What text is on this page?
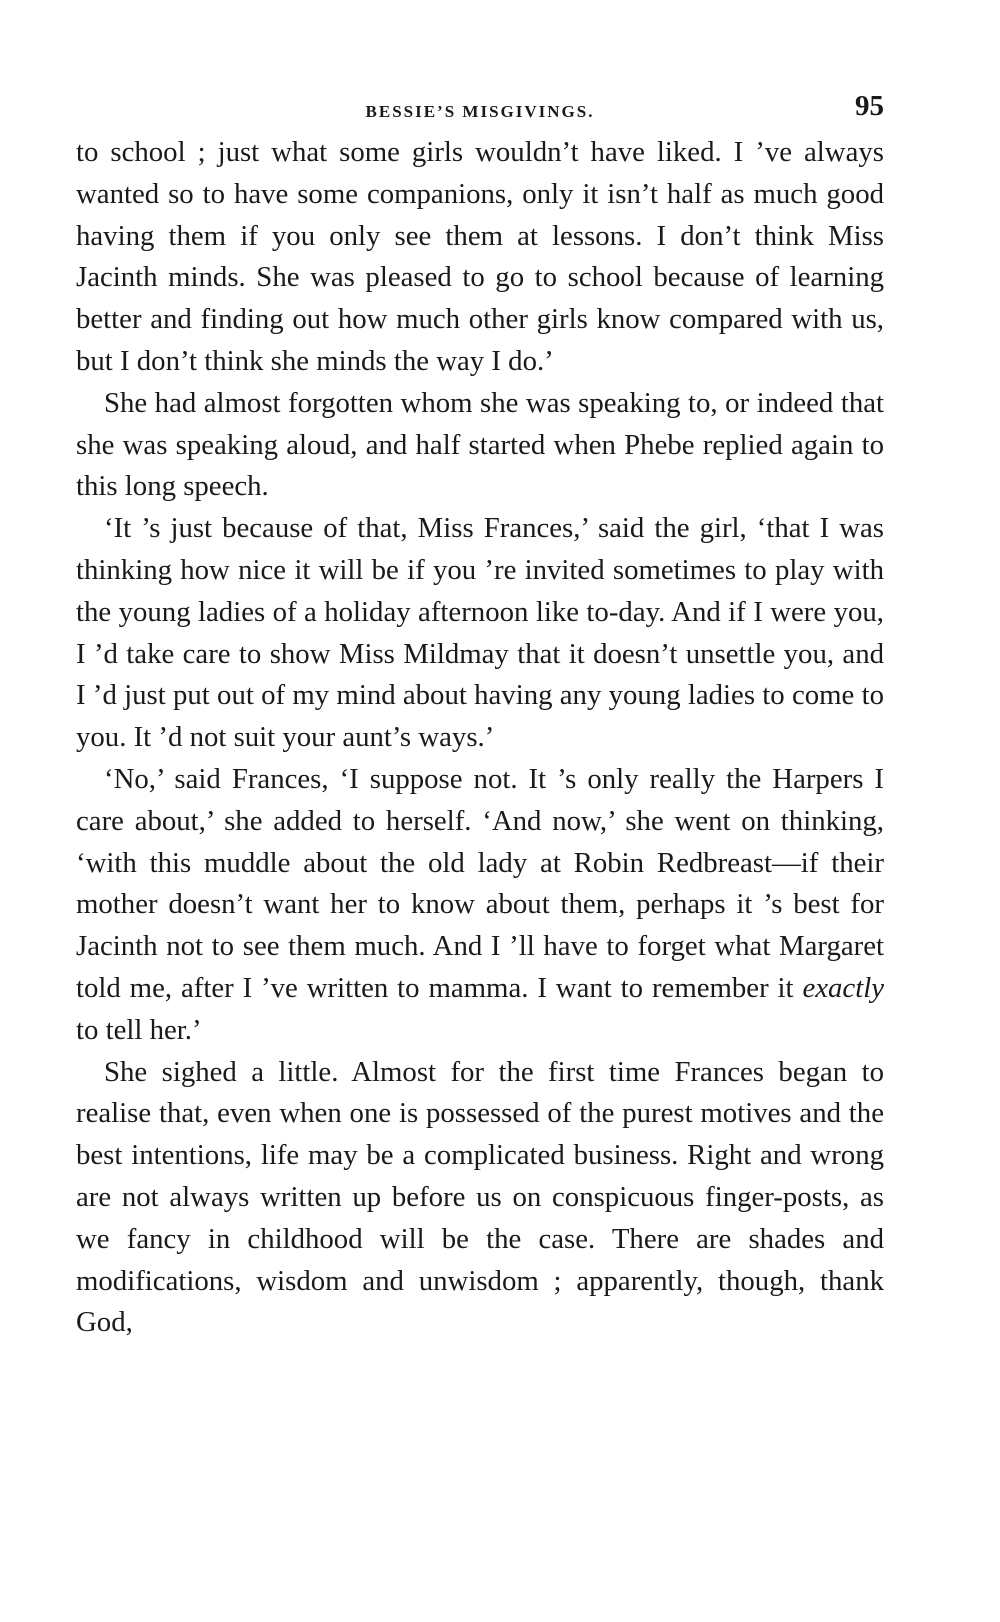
BESSIE’S MISGIVINGS.	95

to school ; just what some girls wouldn’t have liked. I ’ve always wanted so to have some companions, only it isn’t half as much good having them if you only see them at lessons. I don’t think Miss Jacinth minds. She was pleased to go to school because of learning better and finding out how much other girls know compared with us, but I don’t think she minds the way I do.’

She had almost forgotten whom she was speaking to, or indeed that she was speaking aloud, and half started when Phebe replied again to this long speech.

‘It ’s just because of that, Miss Frances,’ said the girl, ‘that I was thinking how nice it will be if you ’re invited sometimes to play with the young ladies of a holiday afternoon like to-day. And if I were you, I ’d take care to show Miss Mildmay that it doesn’t unsettle you, and I ’d just put out of my mind about having any young ladies to come to you. It ’d not suit your aunt’s ways.’

‘No,’ said Frances, ‘I suppose not. It ’s only really the Harpers I care about,’ she added to herself. ‘And now,’ she went on thinking, ‘with this muddle about the old lady at Robin Redbreast—if their mother doesn’t want her to know about them, perhaps it ’s best for Jacinth not to see them much. And I ’ll have to forget what Margaret told me, after I ’ve written to mamma. I want to remember it exactly to tell her.’

She sighed a little. Almost for the first time Frances began to realise that, even when one is possessed of the purest motives and the best intentions, life may be a complicated business. Right and wrong are not always written up before us on conspicuous finger-posts, as we fancy in childhood will be the case. There are shades and modifications, wisdom and unwisdom ; apparently, though, thank God,
